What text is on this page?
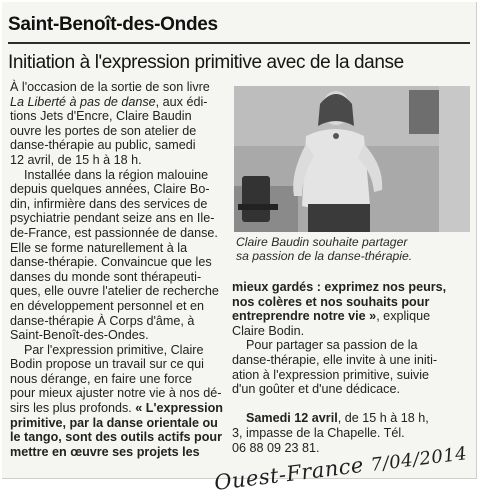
Saint-Benoît-des-Ondes
Initiation à l'expression primitive avec de la danse
À l'occasion de la sortie de son livre
La Liberté à pas de danse, aux édi-
tions Jets d'Encre, Claire Baudin
ouvre les portes de son atelier de
danse-thérapie au public, samedi
12 avril, de 15 h à 18 h.
Installée dans la région malouine
depuis quelques années, Claire Bo-
din, infirmière dans des services de
psychiatrie pendant seize ans en Ile-
de-France, est passionnée de danse.
Elle se forme naturellement à la
danse-thérapie. Convaincue que les
danses du monde sont thérapeuti-
ques, elle ouvre l'atelier de recherche
en développement personnel et en
danse-thérapie À Corps d'âme, à
Saint-Benoît-des-Ondes.
Par l'expression primitive, Claire
Bodin propose un travail sur ce qui
nous dérange, en faire une force
pour mieux ajuster notre vie à nos dé-
sirs les plus profonds. « L'expression
primitive, par la danse orientale ou
le tango, sont des outils actifs pour
mettre en œuvre ses projets les
Claire Baudin souhaite partager
sa passion de la danse-thérapie.
mieux gardés : exprimez nos peurs,
nos colères et nos souhaits pour
entreprendre notre vie », explique
Claire Bodin.
Pour partager sa passion de la
danse-thérapie, elle invite à une initi-
ation à l'expression primitive, suivie
d'un goûter et d'une dédicace.

Samedi 12 avril, de 15 h à 18 h,
3, impasse de la Chapelle. Tél.
06 88 09 23 81.
Ouest-France 7/04/2014
